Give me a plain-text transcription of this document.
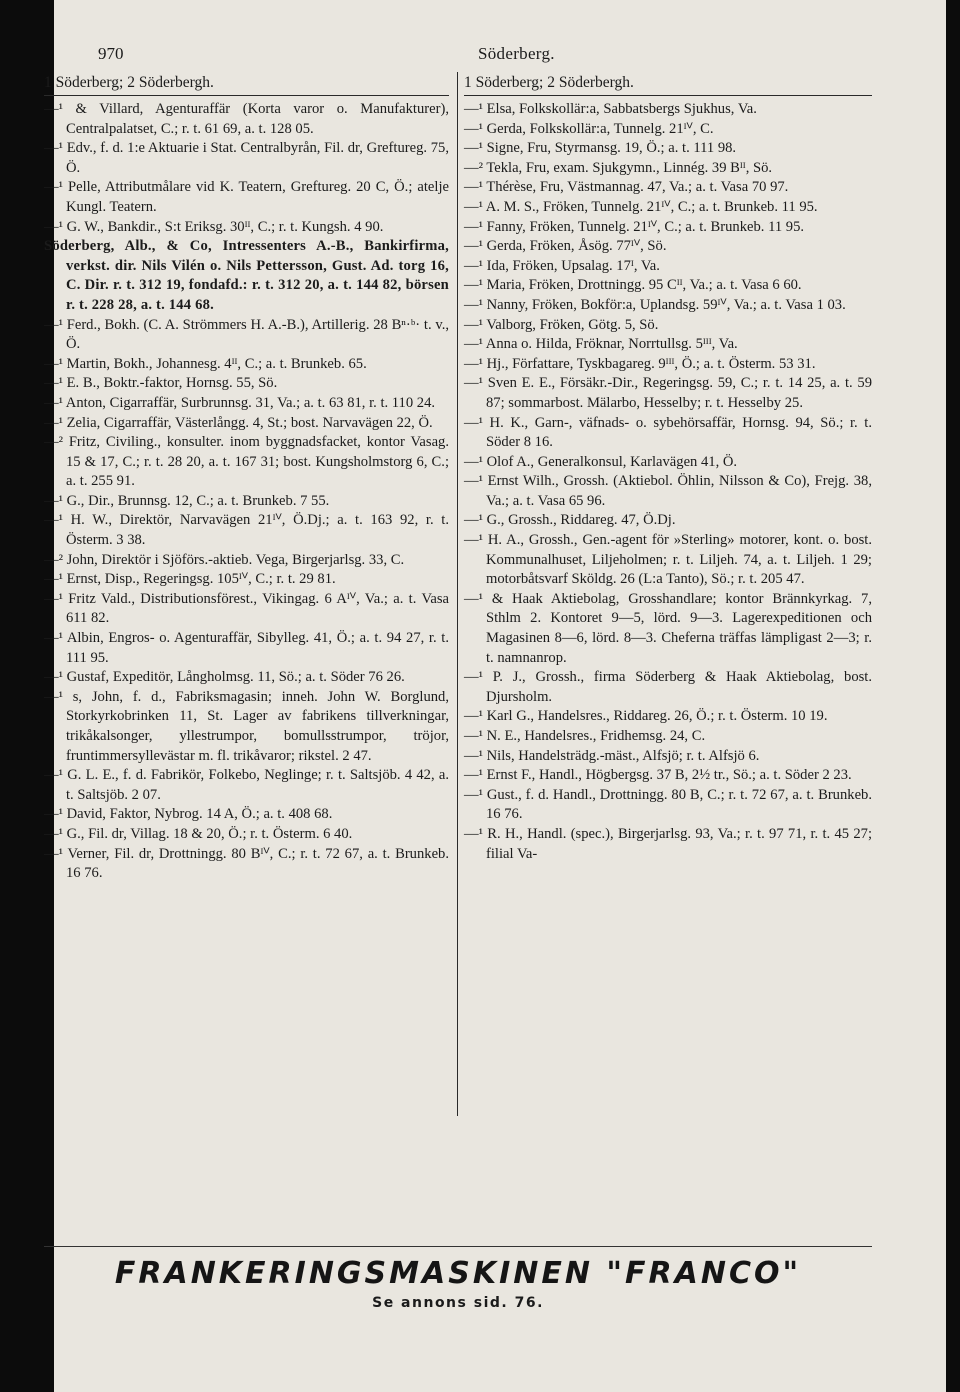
970	Söderberg.
1 Söderberg; 2 Söderbergh.
—¹ & Villard, Agenturaffär (Korta varor o. Manufakturer), Centralpalatset, C.; r. t. 61 69, a. t. 128 05.
—¹ Edv., f. d. 1:e Aktuarie i Stat. Centralbyrån, Fil. dr, Greftureg. 75, Ö.
—¹ Pelle, Attributmålare vid K. Teatern, Greftureg. 20 C, Ö.; atelje Kungl. Teatern.
—¹ G. W., Bankdir., S:t Eriksg. 30ᴵᴵ, C.; r. t. Kungsh. 4 90.
Söderberg, Alb., & Co, Intressenters A.-B., Bankirfirma, verkst. dir. Nils Vilén o. Nils Pettersson, Gust. Ad. torg 16, C. Dir. r. t. 312 19, fondafd.: r. t. 312 20, a. t. 144 82, börsen r. t. 228 28, a. t. 144 68.
—¹ Ferd., Bokh. (C. A. Strömmers H. A.-B.), Artillerig. 28 Bⁿ·ᵇ· t. v., Ö.
—¹ Martin, Bokh., Johannesg. 4ᴵᴵ, C.; a. t. Brunkeb. 65.
—¹ E. B., Boktr.-faktor, Hornsg. 55, Sö.
—¹ Anton, Cigarraffär, Surbrunnsg. 31, Va.; a. t. 63 81, r. t. 110 24.
—¹ Zelia, Cigarraffär, Västerlångg. 4, St.; bost. Narvavägen 22, Ö.
—² Fritz, Civiling., konsulter. inom byggnadsfacket, kontor Vasag. 15 & 17, C.; r. t. 28 20, a. t. 167 31; bost. Kungsholmstorg 6, C.; a. t. 255 91.
—¹ G., Dir., Brunnsg. 12, C.; a. t. Brunkeb. 7 55.
—¹ H. W., Direktör, Narvavägen 21ᴵⱽ, Ö.Dj.; a. t. 163 92, r. t. Österm. 3 38.
—² John, Direktör i Sjöförs.-aktieb. Vega, Birgerjarlsg. 33, C.
—¹ Ernst, Disp., Regeringsg. 105ᴵⱽ, C.; r. t. 29 81.
—¹ Fritz Vald., Distributionsförest., Vikingag. 6 Aᴵⱽ, Va.; a. t. Vasa 611 82.
—¹ Albin, Engros- o. Agenturaffär, Sibylleg. 41, Ö.; a. t. 94 27, r. t. 111 95.
—¹ Gustaf, Expeditör, Långholmsg. 11, Sö.; a. t. Söder 76 26.
—¹ s, John, f. d., Fabriksmagasin; inneh. John W. Borglund, Storkyrkobrinken 11, St. Lager av fabrikens tillverkningar, trikåkalsonger, yllestrumpor, bomullsstrumpor, tröjor, fruntimmersyllevästar m. fl. trikåvaror; rikstel. 2 47.
—¹ G. L. E., f. d. Fabrikör, Folkebo, Neglinge; r. t. Saltsjöb. 4 42, a. t. Saltsjöb. 2 07.
—¹ David, Faktor, Nybrog. 14 A, Ö.; a. t. 408 68.
—¹ G., Fil. dr, Villag. 18 & 20, Ö.; r. t. Österm. 6 40.
—¹ Verner, Fil. dr, Drottningg. 80 Bᴵⱽ, C.; r. t. 72 67, a. t. Brunkeb. 16 76.
1 Söderberg; 2 Söderbergh.
—¹ Elsa, Folkskollär:a, Sabbatsbergs Sjukhus, Va.
—¹ Gerda, Folkskollär:a, Tunnelg. 21ᴵⱽ, C.
—¹ Signe, Fru, Styrmansg. 19, Ö.; a. t. 111 98.
—² Tekla, Fru, exam. Sjukgymn., Linnég. 39 Bᴵᴵ, Sö.
—¹ Thérèse, Fru, Västmannag. 47, Va.; a. t. Vasa 70 97.
—¹ A. M. S., Fröken, Tunnelg. 21ᴵⱽ, C.; a. t. Brunkeb. 11 95.
—¹ Fanny, Fröken, Tunnelg. 21ᴵⱽ, C.; a. t. Brunkeb. 11 95.
—¹ Gerda, Fröken, Åsög. 77ᴵⱽ, Sö.
—¹ Ida, Fröken, Upsalag. 17ᴵ, Va.
—¹ Maria, Fröken, Drottningg. 95 Cᴵᴵ, Va.; a. t. Vasa 6 60.
—¹ Nanny, Fröken, Bokför:a, Uplandsg. 59ᴵⱽ, Va.; a. t. Vasa 1 03.
—¹ Valborg, Fröken, Götg. 5, Sö.
—¹ Anna o. Hilda, Fröknar, Norrtullsg. 5ᴵᴵᴵ, Va.
—¹ Hj., Författare, Tyskbagareg. 9ᴵᴵᴵ, Ö.; a. t. Österm. 53 31.
—¹ Sven E. E., Försäkr.-Dir., Regeringsg. 59, C.; r. t. 14 25, a. t. 59 87; sommarbost. Mälarbo, Hesselby; r. t. Hesselby 25.
—¹ H. K., Garn-, väfnads- o. sybehörsaffär, Hornsg. 94, Sö.; r. t. Söder 8 16.
—¹ Olof A., Generalkonsul, Karlavägen 41, Ö.
—¹ Ernst Wilh., Grossh. (Aktiebol. Öhlin, Nilsson & Co), Frejg. 38, Va.; a. t. Vasa 65 96.
—¹ G., Grossh., Riddareg. 47, Ö.Dj.
—¹ H. A., Grossh., Gen.-agent för »Sterling» motorer, kont. o. bost. Kommunalhuset, Liljeholmen; r. t. Liljeh. 74, a. t. Liljeh. 1 29; motorbåtsvarf Sköldg. 26 (L:a Tanto), Sö.; r. t. 205 47.
—¹ & Haak Aktiebolag, Grosshandlare; kontor Brännkyrkag. 7, Sthlm 2. Kontoret 9—5, lörd. 9—3. Lagerexpeditionen och Magasinen 8—6, lörd. 8—3. Cheferna träffas lämpligast 2—3; r. t. namnanrop.
—¹ P. J., Grossh., firma Söderberg & Haak Aktiebolag, bost. Djursholm.
—¹ Karl G., Handelsres., Riddareg. 26, Ö.; r. t. Österm. 10 19.
—¹ N. E., Handelsres., Fridhemsg. 24, C.
—¹ Nils, Handelsträdg.-mäst., Alfsjö; r. t. Alfsjö 6.
—¹ Ernst F., Handl., Högbergsg. 37 B, 2½ tr., Sö.; a. t. Söder 2 23.
—¹ Gust., f. d. Handl., Drottningg. 80 B, C.; r. t. 72 67, a. t. Brunkeb. 16 76.
—¹ R. H., Handl. (spec.), Birgerjarlsg. 93, Va.; r. t. 97 71, r. t. 45 27; filial Va-
FRANKERINGSMASKINEN "FRANCO"
Se annons sid. 76.
